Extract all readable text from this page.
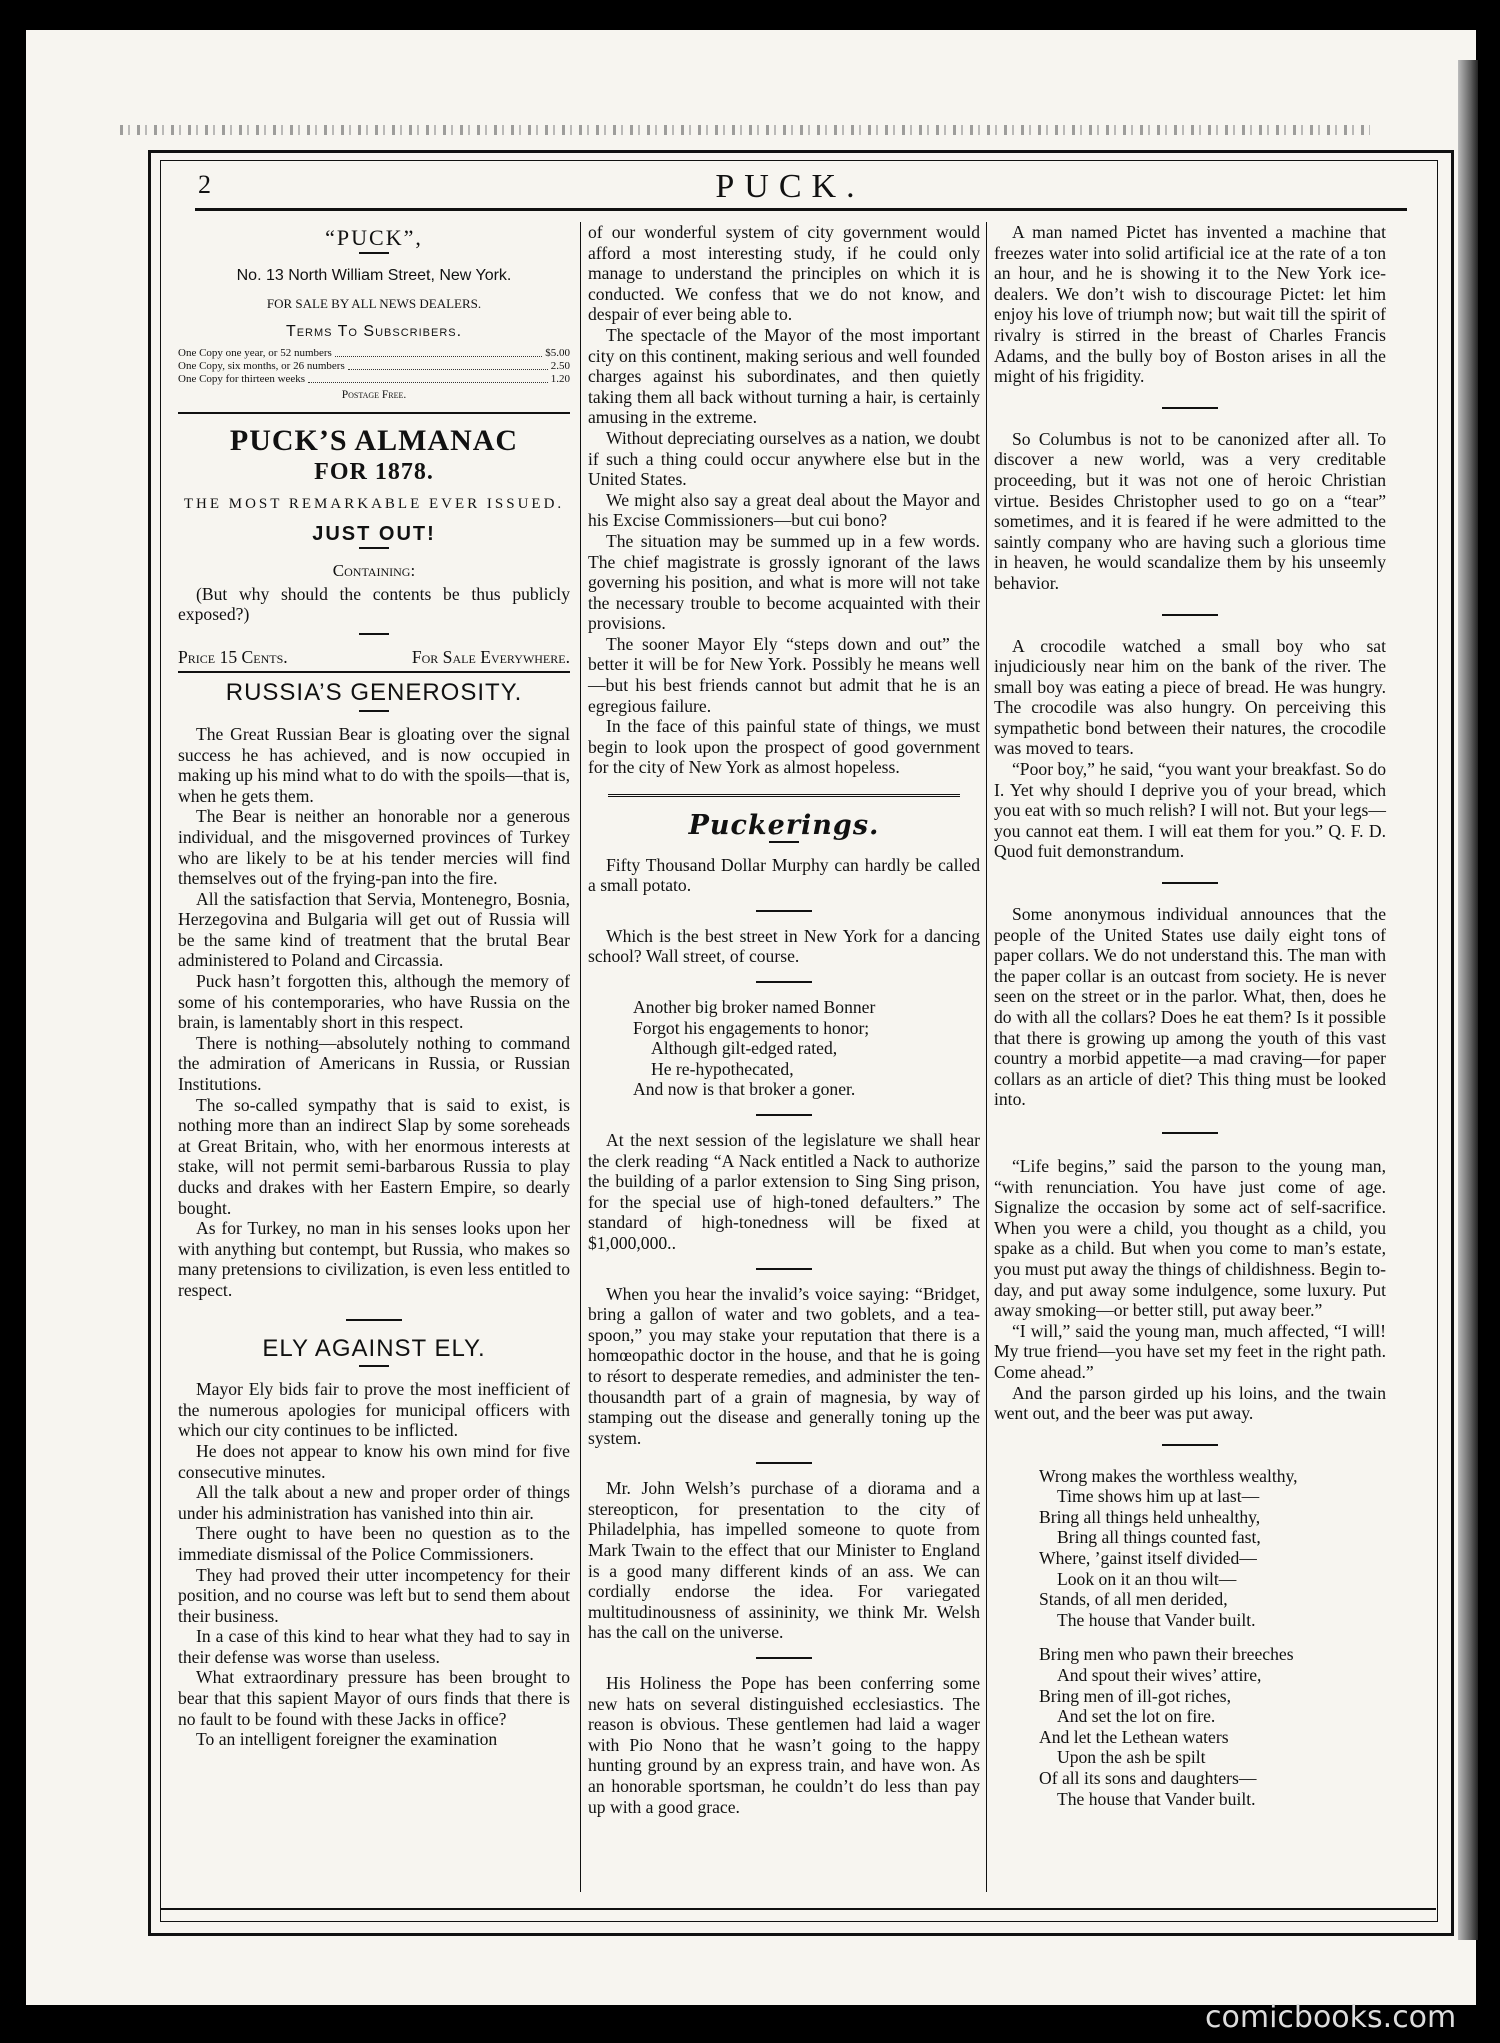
2	PUCK.
“PUCK”,
No. 13 North William Street, New York.
FOR SALE BY ALL NEWS DEALERS.
Terms To Subscribers.
One Copy one year, or 52 numbers	$5.00
One Copy, six months, or 26 numbers	2.50
One Copy for thirteen weeks	1.20
Postage Free.
PUCK’S ALMANAC
FOR 1878.
THE MOST REMARKABLE EVER ISSUED.
JUST OUT!
Containing:

(But why should the contents be thus publicly exposed?)

Price 15 Cents.	For Sale Everywhere.
RUSSIA’S GENEROSITY.

The Great Russian Bear is gloating over the signal success he has achieved, and is now occupied in making up his mind what to do with the spoils—that is, when he gets them.

The Bear is neither an honorable nor a generous individual, and the misgoverned provinces of Turkey who are likely to be at his tender mercies will find themselves out of the frying-pan into the fire.

All the satisfaction that Servia, Montenegro, Bosnia, Herzegovina and Bulgaria will get out of Russia will be the same kind of treatment that the brutal Bear administered to Poland and Circassia.

Puck hasn’t forgotten this, although the memory of some of his contemporaries, who have Russia on the brain, is lamentably short in this respect.

There is nothing—absolutely nothing to command the admiration of Americans in Russia, or Russian Institutions.

The so-called sympathy that is said to exist, is nothing more than an indirect Slap by some soreheads at Great Britain, who, with her enormous interests at stake, will not permit semi-barbarous Russia to play ducks and drakes with her Eastern Empire, so dearly bought.

As for Turkey, no man in his senses looks upon her with anything but contempt, but Russia, who makes so many pretensions to civilization, is even less entitled to respect.

ELY AGAINST ELY.

Mayor Ely bids fair to prove the most inefficient of the numerous apologies for municipal officers with which our city continues to be inflicted.

He does not appear to know his own mind for five consecutive minutes.

All the talk about a new and proper order of things under his administration has vanished into thin air.

There ought to have been no question as to the immediate dismissal of the Police Commissioners.

They had proved their utter incompetency for their position, and no course was left but to send them about their business.

In a case of this kind to hear what they had to say in their defense was worse than useless.

What extraordinary pressure has been brought to bear that this sapient Mayor of ours finds that there is no fault to be found with these Jacks in office?

To an intelligent foreigner the examination

of our wonderful system of city government would afford a most interesting study, if he could only manage to understand the principles on which it is conducted. We confess that we do not know, and despair of ever being able to.

The spectacle of the Mayor of the most important city on this continent, making serious and well founded charges against his subordinates, and then quietly taking them all back without turning a hair, is certainly amusing in the extreme.

Without depreciating ourselves as a nation, we doubt if such a thing could occur anywhere else but in the United States.

We might also say a great deal about the Mayor and his Excise Commissioners—but cui bono?

The situation may be summed up in a few words. The chief magistrate is grossly ignorant of the laws governing his position, and what is more will not take the necessary trouble to become acquainted with their provisions.

The sooner Mayor Ely “steps down and out” the better it will be for New York. Possibly he means well—but his best friends cannot but admit that he is an egregious failure.

In the face of this painful state of things, we must begin to look upon the prospect of good government for the city of New York as almost hopeless.

Puckerings.

Fifty Thousand Dollar Murphy can hardly be called a small potato.

Which is the best street in New York for a dancing school? Wall street, of course.

Another big broker named Bonner
Forgot his engagements to honor;
Although gilt-edged rated,
He re-hypothecated,
And now is that broker a goner.

At the next session of the legislature we shall hear the clerk reading “A Nack entitled a Nack to authorize the building of a parlor extension to Sing Sing prison, for the special use of high-toned defaulters.” The standard of high-tonedness will be fixed at $1,000,000..

When you hear the invalid’s voice saying: “Bridget, bring a gallon of water and two goblets, and a tea-spoon,” you may stake your reputation that there is a homœopathic doctor in the house, and that he is going to résort to desperate remedies, and administer the ten-thousandth part of a grain of magnesia, by way of stamping out the disease and generally toning up the system.

Mr. John Welsh’s purchase of a diorama and a stereopticon, for presentation to the city of Philadelphia, has impelled someone to quote from Mark Twain to the effect that our Minister to England is a good many different kinds of an ass. We can cordially endorse the idea. For variegated multitudinousness of assininity, we think Mr. Welsh has the call on the universe.

His Holiness the Pope has been conferring some new hats on several distinguished ecclesiastics. The reason is obvious. These gentlemen had laid a wager with Pio Nono that he wasn’t going to the happy hunting ground by an express train, and have won. As an honorable sportsman, he couldn’t do less than pay up with a good grace.

A man named Pictet has invented a machine that freezes water into solid artificial ice at the rate of a ton an hour, and he is showing it to the New York ice-dealers. We don’t wish to discourage Pictet: let him enjoy his love of triumph now; but wait till the spirit of rivalry is stirred in the breast of Charles Francis Adams, and the bully boy of Boston arises in all the might of his frigidity.

So Columbus is not to be canonized after all. To discover a new world, was a very creditable proceeding, but it was not one of heroic Christian virtue. Besides Christopher used to go on a “tear” sometimes, and it is feared if he were admitted to the saintly company who are having such a glorious time in heaven, he would scandalize them by his unseemly behavior.

A crocodile watched a small boy who sat injudiciously near him on the bank of the river. The small boy was eating a piece of bread. He was hungry. The crocodile was also hungry. On perceiving this sympathetic bond between their natures, the crocodile was moved to tears.

“Poor boy,” he said, “you want your breakfast. So do I. Yet why should I deprive you of your bread, which you eat with so much relish? I will not. But your legs—you cannot eat them. I will eat them for you.” Q. F. D. Quod fuit demonstrandum.

Some anonymous individual announces that the people of the United States use daily eight tons of paper collars. We do not understand this. The man with the paper collar is an outcast from society. He is never seen on the street or in the parlor. What, then, does he do with all the collars? Does he eat them? Is it possible that there is growing up among the youth of this vast country a morbid appetite—a mad craving—for paper collars as an article of diet? This thing must be looked into.

“Life begins,” said the parson to the young man, “with renunciation. You have just come of age. Signalize the occasion by some act of self-sacrifice. When you were a child, you thought as a child, you spake as a child. But when you come to man’s estate, you must put away the things of childishness. Begin to-day, and put away some indulgence, some luxury. Put away smoking—or better still, put away beer.”

“I will,” said the young man, much affected, “I will! My true friend—you have set my feet in the right path. Come ahead.”

And the parson girded up his loins, and the twain went out, and the beer was put away.

Wrong makes the worthless wealthy,
Time shows him up at last—
Bring all things held unhealthy,
Bring all things counted fast,
Where, ’gainst itself divided—
Look on it an thou wilt—
Stands, of all men derided,
The house that Vander built.
Bring men who pawn their breeches
And spout their wives’ attire,
Bring men of ill-got riches,
And set the lot on fire.
And let the Lethean waters
Upon the ash be spilt
Of all its sons and daughters—
The house that Vander built.
comicbooks.com
